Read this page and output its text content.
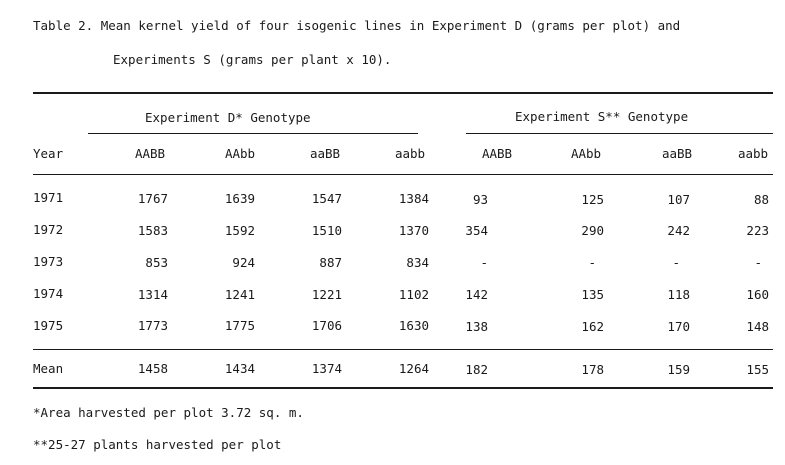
Table 2. Mean kernel yield of four isogenic lines in Experiment D (grams per plot) and
Experiments S (grams per plant x 10).
Experiment D* Genotype	Experiment S** Genotype
Year	AABB	AAbb	aaBB	aabb	AABB	AAbb	aaBB	aabb
1971	1767	1639	1547	1384	93	125	107	88
1972	1583	1592	1510	1370	354	290	242	223
1973	853	924	887	834	-	-	-	-
1974	1314	1241	1221	1102	142	135	118	160
1975	1773	1775	1706	1630	138	162	170	148
Mean	1458	1434	1374	1264	182	178	159	155
*Area harvested per plot 3.72 sq. m.
**25-27 plants harvested per plot
